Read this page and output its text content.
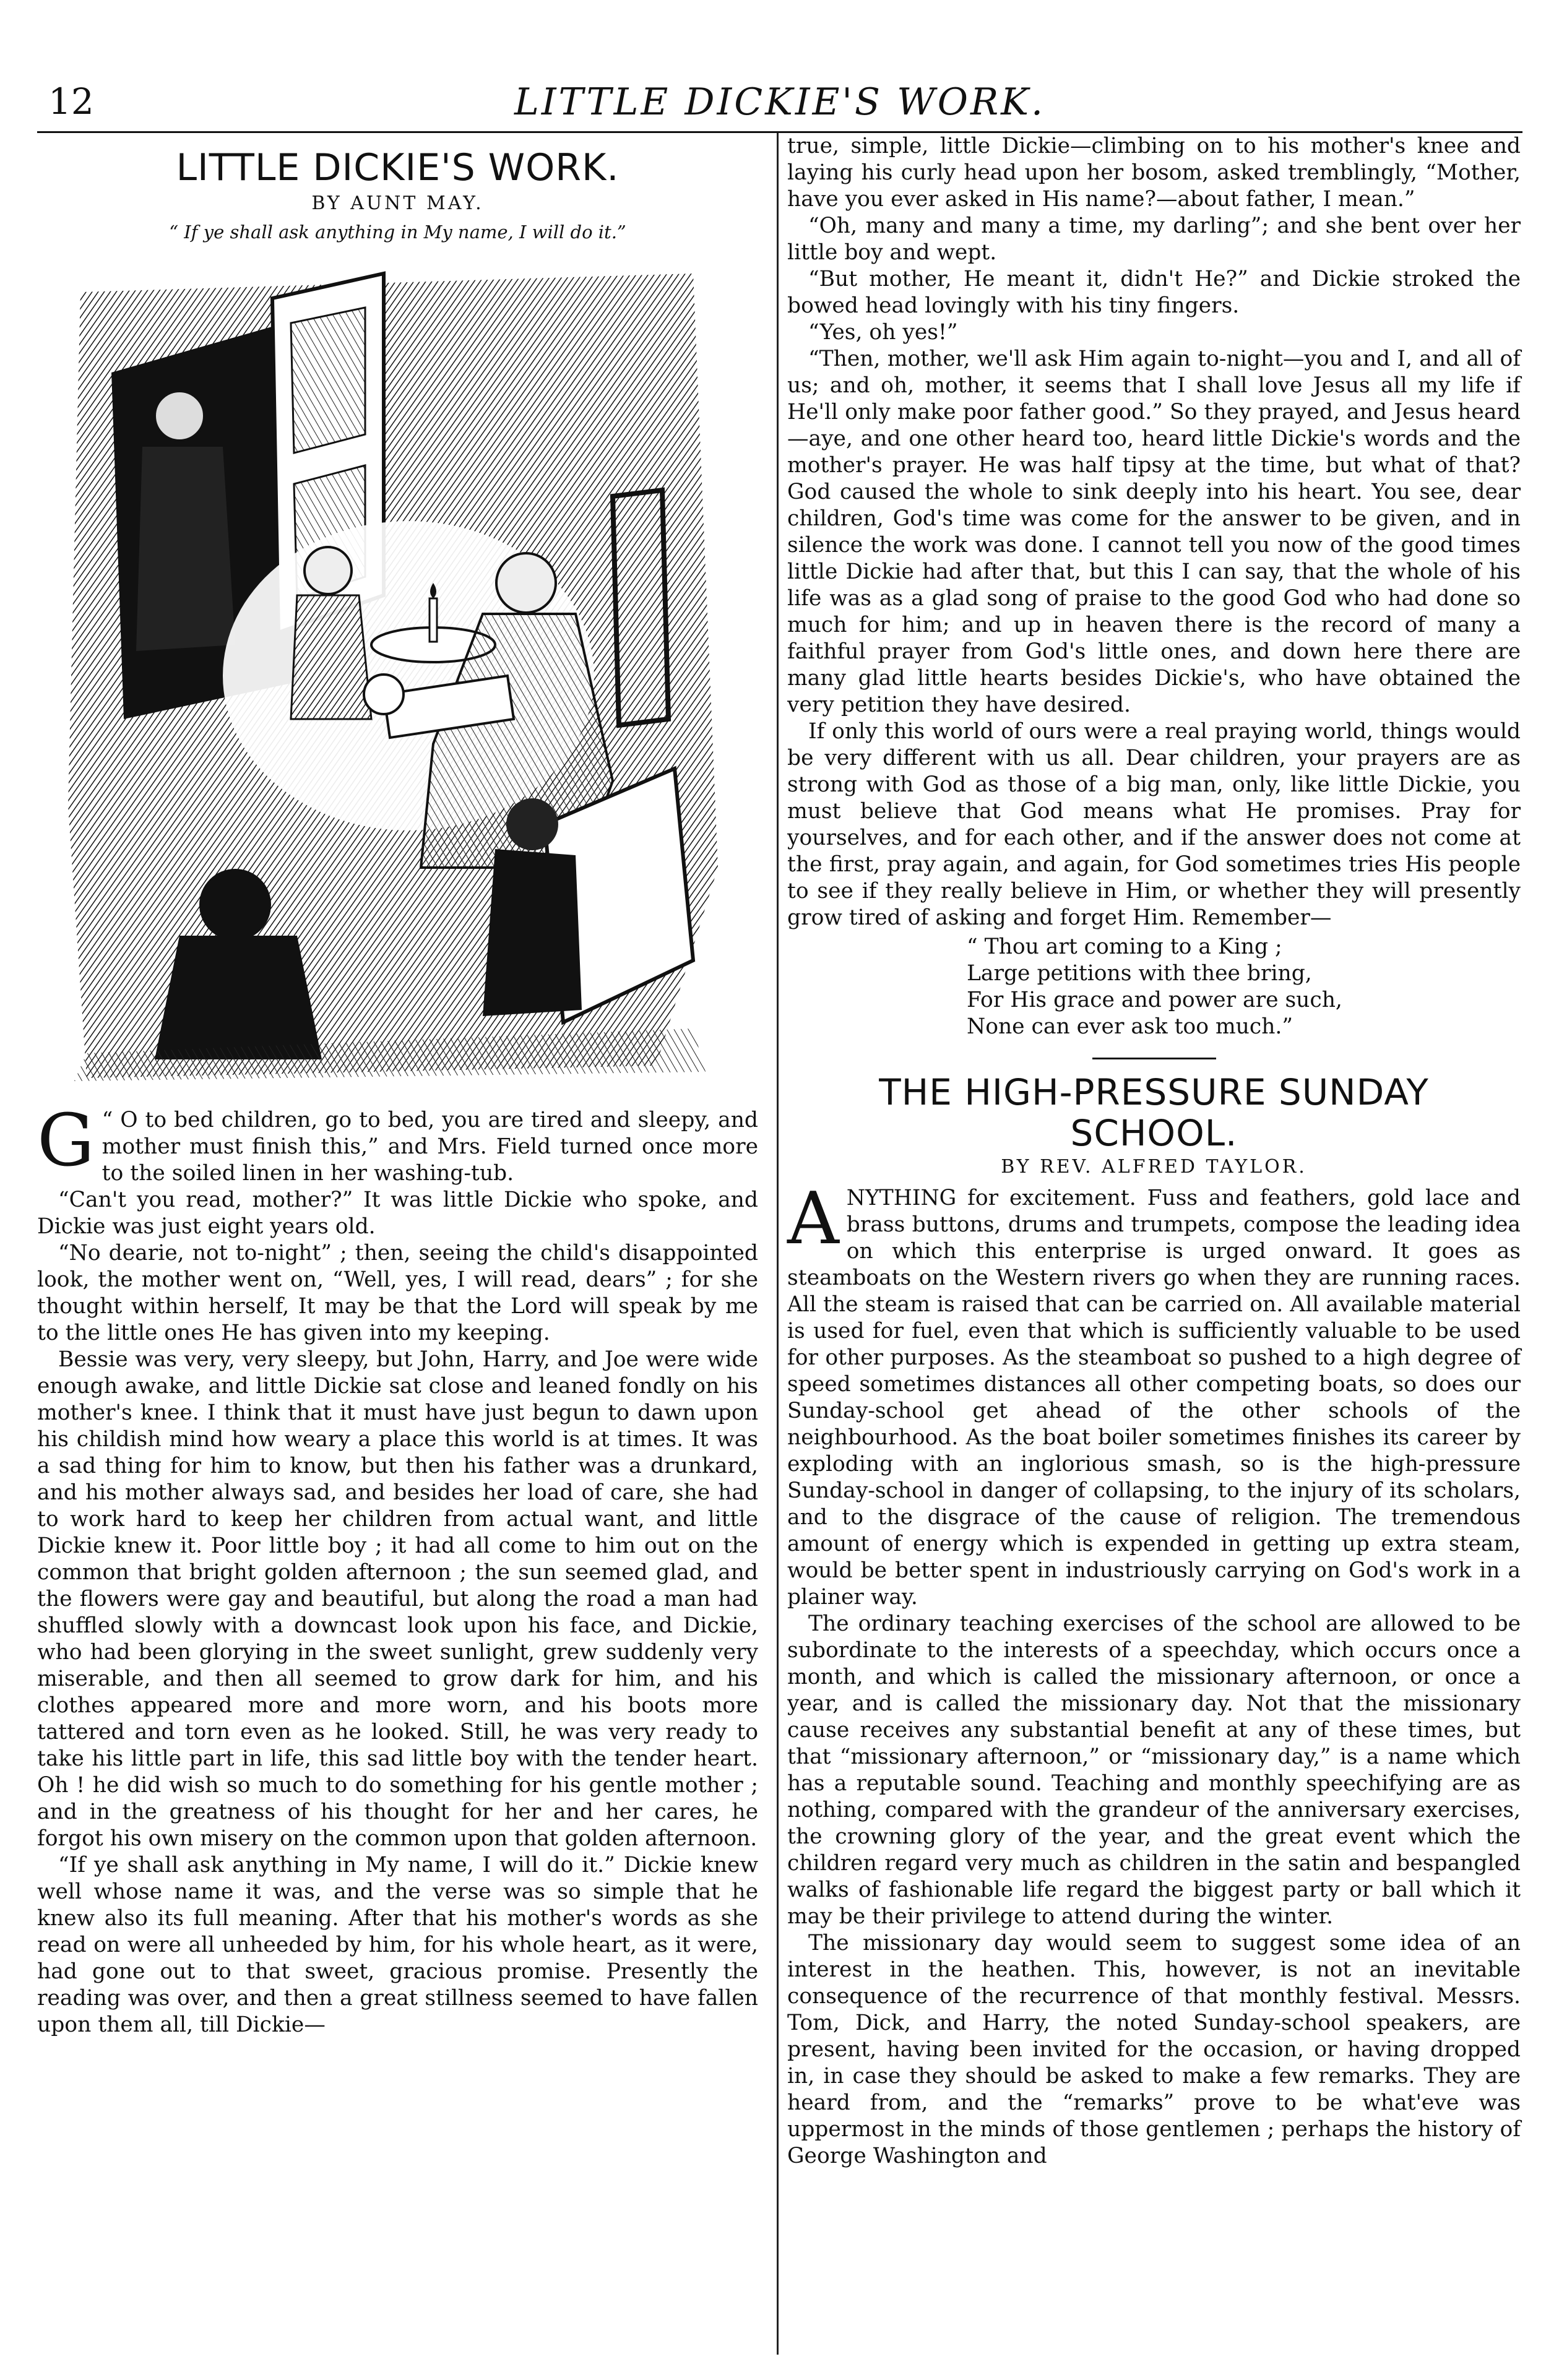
12	LITTLE DICKIE'S WORK.
LITTLE DICKIE'S WORK.
BY AUNT MAY.
“ If ye shall ask anything in My name, I will do it.”

G “ O to bed children, go to bed, you are tired and sleepy, and mother must finish this,” and Mrs. Field turned once more to the soiled linen in her washing-tub.

“Can't you read, mother?” It was little Dickie who spoke, and Dickie was just eight years old.

“No dearie, not to-night” ; then, seeing the child's disappointed look, the mother went on, “Well, yes, I will read, dears” ; for she thought within herself, It may be that the Lord will speak by me to the little ones He has given into my keeping.

Bessie was very, very sleepy, but John, Harry, and Joe were wide enough awake, and little Dickie sat close and leaned fondly on his mother's knee. I think that it must have just begun to dawn upon his childish mind how weary a place this world is at times. It was a sad thing for him to know, but then his father was a drunkard, and his mother always sad, and besides her load of care, she had to work hard to keep her children from actual want, and little Dickie knew it. Poor little boy ; it had all come to him out on the common that bright golden afternoon ; the sun seemed glad, and the flowers were gay and beautiful, but along the road a man had shuffled slowly with a downcast look upon his face, and Dickie, who had been glorying in the sweet sunlight, grew suddenly very miserable, and then all seemed to grow dark for him, and his clothes appeared more and more worn, and his boots more tattered and torn even as he looked. Still, he was very ready to take his little part in life, this sad little boy with the tender heart. Oh ! he did wish so much to do something for his gentle mother ; and in the greatness of his thought for her and her cares, he forgot his own misery on the common upon that golden afternoon.

“If ye shall ask anything in My name, I will do it.” Dickie knew well whose name it was, and the verse was so simple that he knew also its full meaning. After that his mother's words as she read on were all unheeded by him, for his whole heart, as it were, had gone out to that sweet, gracious promise. Presently the reading was over, and then a great stillness seemed to have fallen upon them all, till Dickie—

true, simple, little Dickie—climbing on to his mother's knee and laying his curly head upon her bosom, asked tremblingly, “Mother, have you ever asked in His name?—about father, I mean.”

“Oh, many and many a time, my darling”; and she bent over her little boy and wept.

“But mother, He meant it, didn't He?” and Dickie stroked the bowed head lovingly with his tiny fingers.

“Yes, oh yes!”

“Then, mother, we'll ask Him again to-night—you and I, and all of us; and oh, mother, it seems that I shall love Jesus all my life if He'll only make poor father good.” So they prayed, and Jesus heard—aye, and one other heard too, heard little Dickie's words and the mother's prayer. He was half tipsy at the time, but what of that? God caused the whole to sink deeply into his heart. You see, dear children, God's time was come for the answer to be given, and in silence the work was done. I cannot tell you now of the good times little Dickie had after that, but this I can say, that the whole of his life was as a glad song of praise to the good God who had done so much for him; and up in heaven there is the record of many a faithful prayer from God's little ones, and down here there are many glad little hearts besides Dickie's, who have obtained the very petition they have desired.

If only this world of ours were a real praying world, things would be very different with us all. Dear children, your prayers are as strong with God as those of a big man, only, like little Dickie, you must believe that God means what He promises. Pray for yourselves, and for each other, and if the answer does not come at the first, pray again, and again, for God sometimes tries His people to see if they really believe in Him, or whether they will presently grow tired of asking and forget Him. Remember—

“ Thou art coming to a King ;
Large petitions with thee bring,
For His grace and power are such,
None can ever ask too much.”
THE HIGH-PRESSURE SUNDAY
SCHOOL.
BY REV. ALFRED TAYLOR.

ANYTHING for excitement. Fuss and feathers, gold lace and brass buttons, drums and trumpets, compose the leading idea on which this enterprise is urged onward. It goes as steamboats on the Western rivers go when they are running races. All the steam is raised that can be carried on. All available material is used for fuel, even that which is sufficiently valuable to be used for other purposes. As the steamboat so pushed to a high degree of speed sometimes distances all other competing boats, so does our Sunday-school get ahead of the other schools of the neighbourhood. As the boat boiler sometimes finishes its career by exploding with an inglorious smash, so is the high-pressure Sunday-school in danger of collapsing, to the injury of its scholars, and to the disgrace of the cause of religion. The tremendous amount of energy which is expended in getting up extra steam, would be better spent in industriously carrying on God's work in a plainer way.

The ordinary teaching exercises of the school are allowed to be subordinate to the interests of a speechday, which occurs once a month, and which is called the missionary afternoon, or once a year, and is called the missionary day. Not that the missionary cause receives any substantial benefit at any of these times, but that “missionary afternoon,” or “missionary day,” is a name which has a reputable sound. Teaching and monthly speechifying are as nothing, compared with the grandeur of the anniversary exercises, the crowning glory of the year, and the great event which the children regard very much as children in the satin and bespangled walks of fashionable life regard the biggest party or ball which it may be their privilege to attend during the winter.

The missionary day would seem to suggest some idea of an interest in the heathen. This, however, is not an inevitable consequence of the recurrence of that monthly festival. Messrs. Tom, Dick, and Harry, the noted Sunday-school speakers, are present, having been invited for the occasion, or having dropped in, in case they should be asked to make a few remarks. They are heard from, and the “remarks” prove to be what'eve was uppermost in the minds of those gentlemen ; perhaps the history of George Washington and
